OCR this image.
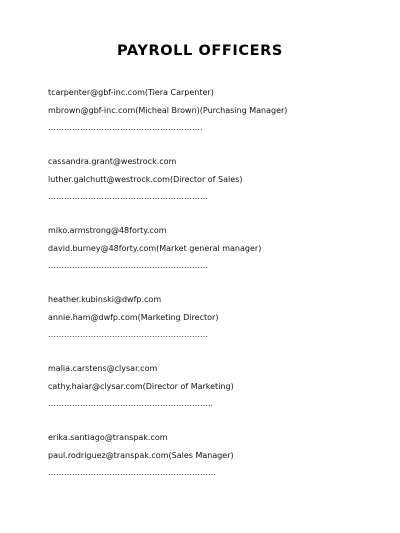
PAYROLL OFFICERS
tcarpenter@gbf-inc.com(Tiera Carpenter)
mbrown@gbf-inc.com(Micheal Brown)(Purchasing Manager)
………………………………………………….
cassandra.grant@westrock.com
luther.galchutt@westrock.com(Director of Sales)
……………………………………………………
miko.armstrong@48forty.com
david.burney@48forty.com(Market general manager)
……………………………………………………
heather.kubinski@dwfp.com
annie.ham@dwfp.com(Marketing Director)
……………………………………………………
malia.carstens@clysar.com
cathy.haiar@clysar.com(Director of Marketing)
……………………………………………………..
erika.santiago@transpak.com
paul.rodriguez@transpak.com(Sales Manager)
………………………………………………………
